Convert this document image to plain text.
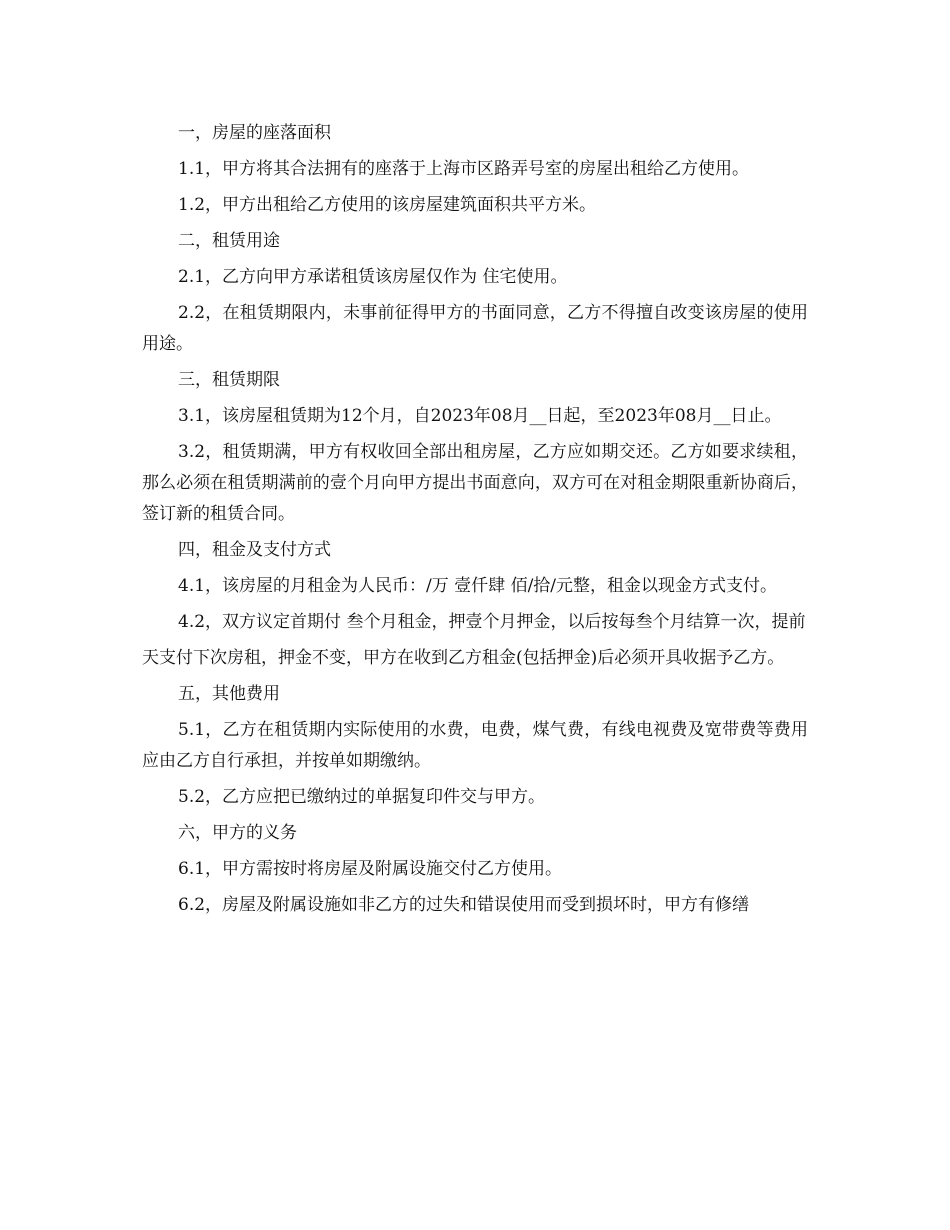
一，房屋的座落面积

1.1，甲方将其合法拥有的座落于上海市区路弄号室的房屋出租给乙方使用。

1.2，甲方出租给乙方使用的该房屋建筑面积共平方米。

二，租赁用途

2.1，乙方向甲方承诺租赁该房屋仅作为 住宅使用。

2.2，在租赁期限内，未事前征得甲方的书面同意，乙方不得擅自改变该房屋的使用用途。

三，租赁期限

3.1，该房屋租赁期为12个月，自2023年08月__日起，至2023年08月__日止。

3.2，租赁期满，甲方有权收回全部出租房屋，乙方应如期交还。乙方如要求续租，那么必须在租赁期满前的壹个月向甲方提出书面意向，双方可在对租金期限重新协商后，签订新的租赁合同。

四，租金及支付方式

4.1，该房屋的月租金为人民币：/万 壹仟肆 佰/拾/元整，租金以现金方式支付。

4.2，双方议定首期付 叁个月租金，押壹个月押金，以后按每叁个月结算一次，提前

天支付下次房租，押金不变，甲方在收到乙方租金(包括押金)后必须开具收据予乙方。

五，其他费用

5.1，乙方在租赁期内实际使用的水费，电费，煤气费，有线电视费及宽带费等费用应由乙方自行承担，并按单如期缴纳。

5.2，乙方应把已缴纳过的单据复印件交与甲方。

六，甲方的义务

6.1，甲方需按时将房屋及附属设施交付乙方使用。

6.2，房屋及附属设施如非乙方的过失和错误使用而受到损坏时，甲方有修缮
